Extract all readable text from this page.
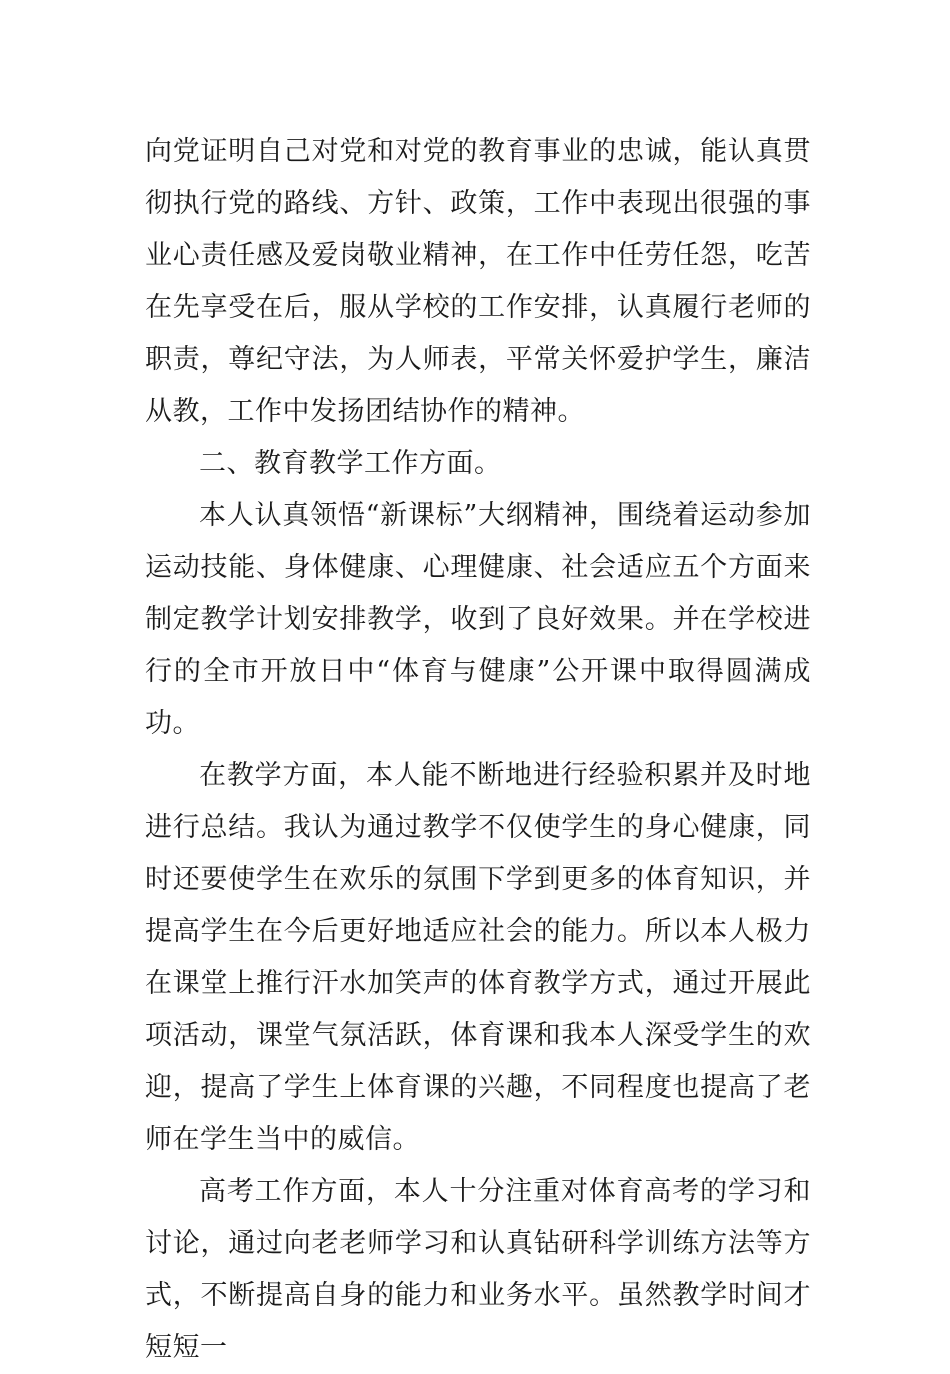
向党证明自己对党和对党的教育事业的忠诚，能认真贯彻执行党的路线、方针、政策，工作中表现出很强的事业心责任感及爱岗敬业精神，在工作中任劳任怨，吃苦在先享受在后，服从学校的工作安排，认真履行老师的职责，尊纪守法，为人师表，平常关怀爱护学生，廉洁从教，工作中发扬团结协作的精神。

二、教育教学工作方面。

本人认真领悟“新课标”大纲精神，围绕着运动参加运动技能、身体健康、心理健康、社会适应五个方面来制定教学计划安排教学，收到了良好效果。并在学校进行的全市开放日中“体育与健康”公开课中取得圆满成功。

在教学方面，本人能不断地进行经验积累并及时地进行总结。我认为通过教学不仅使学生的身心健康，同时还要使学生在欢乐的氛围下学到更多的体育知识，并提高学生在今后更好地适应社会的能力。所以本人极力在课堂上推行汗水加笑声的体育教学方式，通过开展此项活动，课堂气氛活跃，体育课和我本人深受学生的欢迎，提高了学生上体育课的兴趣，不同程度也提高了老师在学生当中的威信。

高考工作方面，本人十分注重对体育高考的学习和讨论，通过向老老师学习和认真钻研科学训练方法等方式，不断提高自身的能力和业务水平。虽然教学时间才短短一
